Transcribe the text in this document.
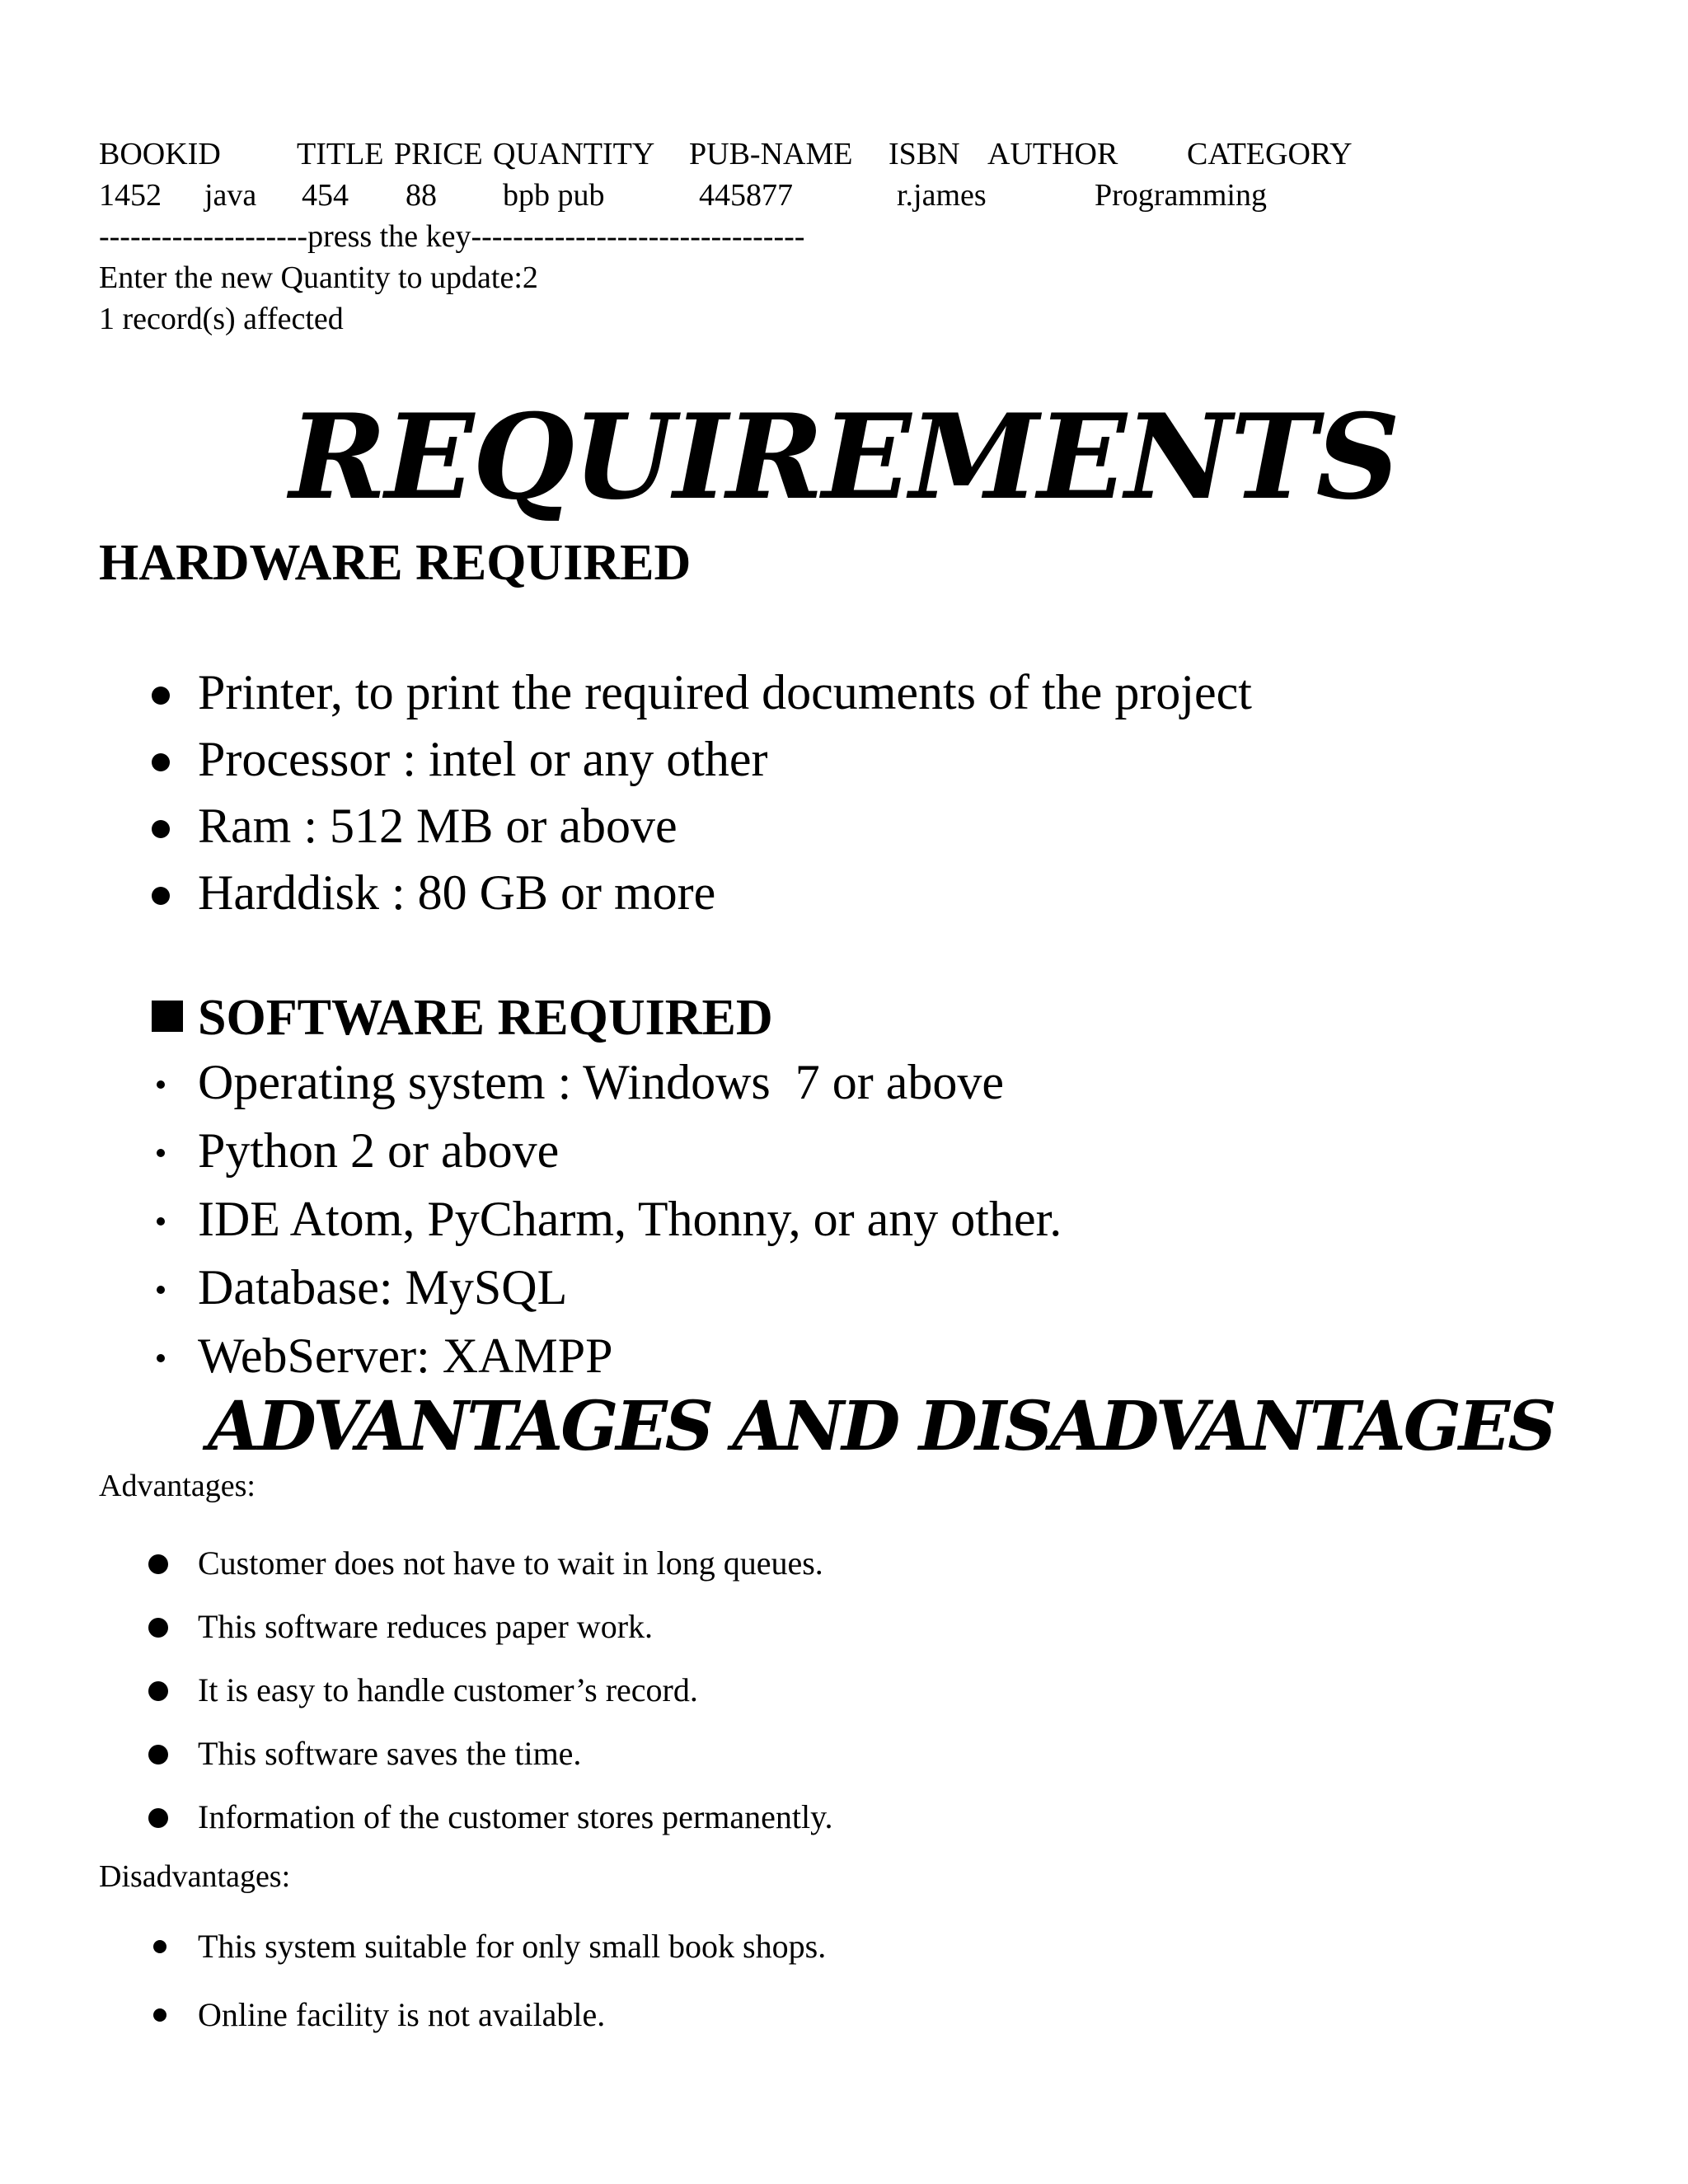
BOOKID TITLE PRICE QUANTITY PUB-NAME ISBN AUTHOR CATEGORY
1452 java 454 88 bpb pub	445877	r.james	Programming
--------------------press the key--------------------------------
Enter the new Quantity to update:2
1 record(s) affected
REQUIREMENTS
HARDWARE REQUIRED
Printer, to print the required documents of the project
Processor : intel or any other
Ram : 512 MB or above
Harddisk : 80 GB or more
SOFTWARE REQUIRED
Operating system : Windows  7 or above
Python 2 or above
IDE Atom, PyCharm, Thonny, or any other.
Database: MySQL
WebServer: XAMPP
ADVANTAGES AND DISADVANTAGES
Advantages:
Customer does not have to wait in long queues.
This software reduces paper work.
It is easy to handle customer’s record.
This software saves the time.
Information of the customer stores permanently.
Disadvantages:
This system suitable for only small book shops.
Online facility is not available.
